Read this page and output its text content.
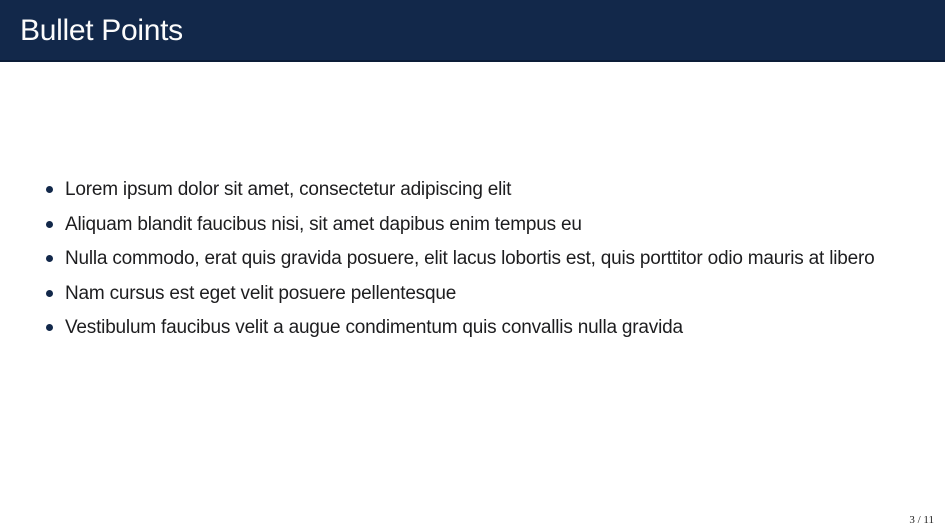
Bullet Points
Lorem ipsum dolor sit amet, consectetur adipiscing elit
Aliquam blandit faucibus nisi, sit amet dapibus enim tempus eu
Nulla commodo, erat quis gravida posuere, elit lacus lobortis est, quis porttitor odio mauris at libero
Nam cursus est eget velit posuere pellentesque
Vestibulum faucibus velit a augue condimentum quis convallis nulla gravida
3 / 11
